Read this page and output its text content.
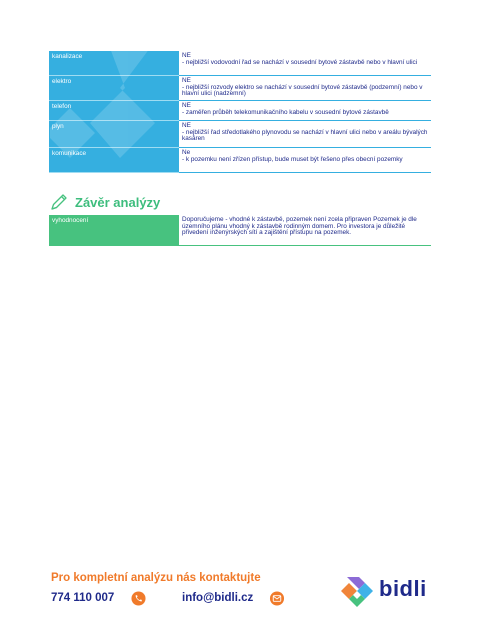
kanalizace	NE
- nejbližší vodovodní řad se nachází v sousední bytové zástavbě nebo v hlavní ulici
elektro	NE
- nejbližší rozvody elektro se nachází v sousední bytové zástavbě (podzemní) nebo v hlavní ulici (nadzemní)
telefon	NE
- zaměřen průběh telekomunikačního kabelu v sousední bytové zástavbě
plyn	NE
- nejbližší řad středotlakého plynovodu se nachází v hlavní ulici nebo v areálu bývalých kasáren
komunikace	Ne
- k pozemku není zřízen přístup, bude muset být řešeno přes obecní pozemky
Závěr analýzy
vyhodnocení	Doporučujeme - vhodné k zástavbě, pozemek není zcela připraven Pozemek je dle územního plánu vhodný k zástavbě rodinným domem. Pro investora je důležité přivedení inženýrských sítí a zajištění přístupu na pozemek.
Pro kompletní analýzu nás kontaktujte
774 110 007	info@bidli.cz	bidli
